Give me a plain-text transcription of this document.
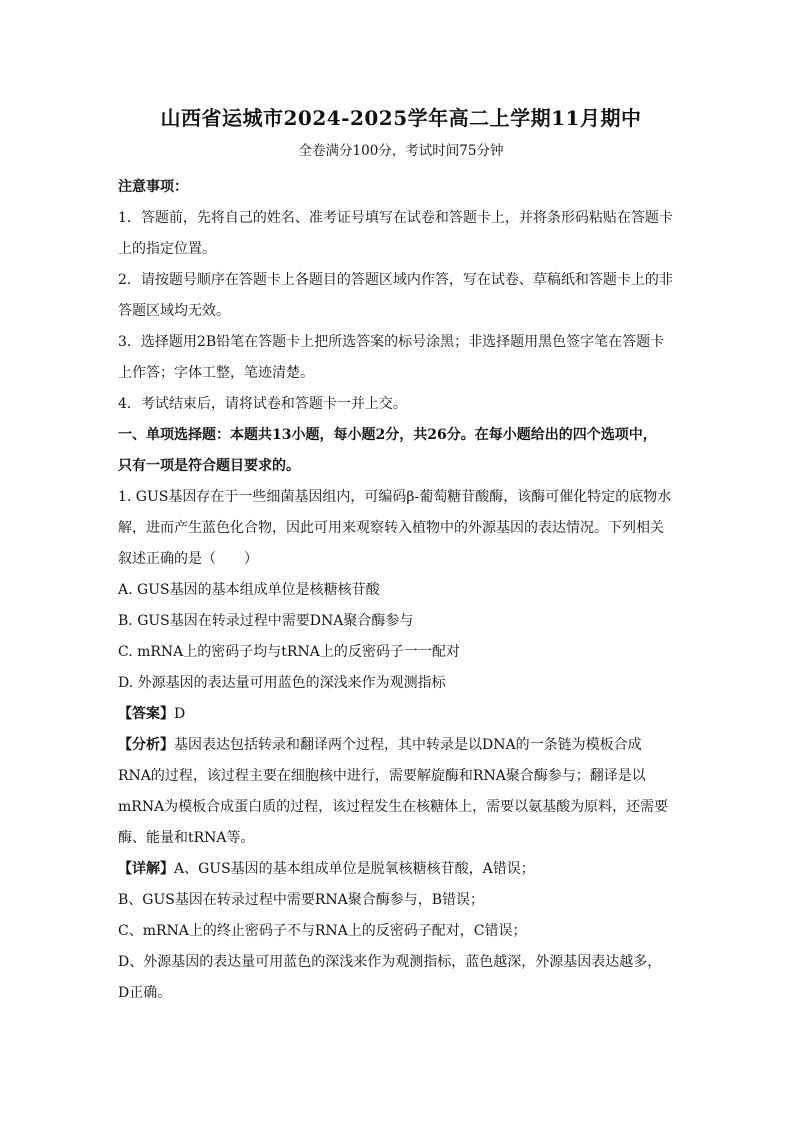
山西省运城市2024-2025学年高二上学期11月期中
全卷满分100分，考试时间75分钟
注意事项：
1．答题前，先将自己的姓名、准考证号填写在试卷和答题卡上，并将条形码粘贴在答题卡
上的指定位置。
2．请按题号顺序在答题卡上各题目的答题区域内作答，写在试卷、草稿纸和答题卡上的非
答题区域均无效。
3．选择题用2B铅笔在答题卡上把所选答案的标号涂黑；非选择题用黑色签字笔在答题卡
上作答；字体工整，笔迹清楚。
4．考试结束后，请将试卷和答题卡一并上交。
一、单项选择题：本题共13小题，每小题2分，共26分。在每小题给出的四个选项中，
只有一项是符合题目要求的。
1. GUS基因存在于一些细菌基因组内，可编码β-葡萄糖苷酸酶，该酶可催化特定的底物水
解，进而产生蓝色化合物，因此可用来观察转入植物中的外源基因的表达情况。下列相关
叙述正确的是（　　）
A. GUS基因的基本组成单位是核糖核苷酸
B. GUS基因在转录过程中需要DNA聚合酶参与
C. mRNA上的密码子均与tRNA上的反密码子一一配对
D. 外源基因的表达量可用蓝色的深浅来作为观测指标
【答案】D
【分析】基因表达包括转录和翻译两个过程，其中转录是以DNA的一条链为模板合成
RNA的过程，该过程主要在细胞核中进行，需要解旋酶和RNA聚合酶参与；翻译是以
mRNA为模板合成蛋白质的过程，该过程发生在核糖体上，需要以氨基酸为原料，还需要
酶、能量和tRNA等。
【详解】A、GUS基因的基本组成单位是脱氧核糖核苷酸，A错误；
B、GUS基因在转录过程中需要RNA聚合酶参与，B错误；
C、mRNA上的终止密码子不与RNA上的反密码子配对，C错误；
D、外源基因的表达量可用蓝色的深浅来作为观测指标，蓝色越深，外源基因表达越多，
D正确。
